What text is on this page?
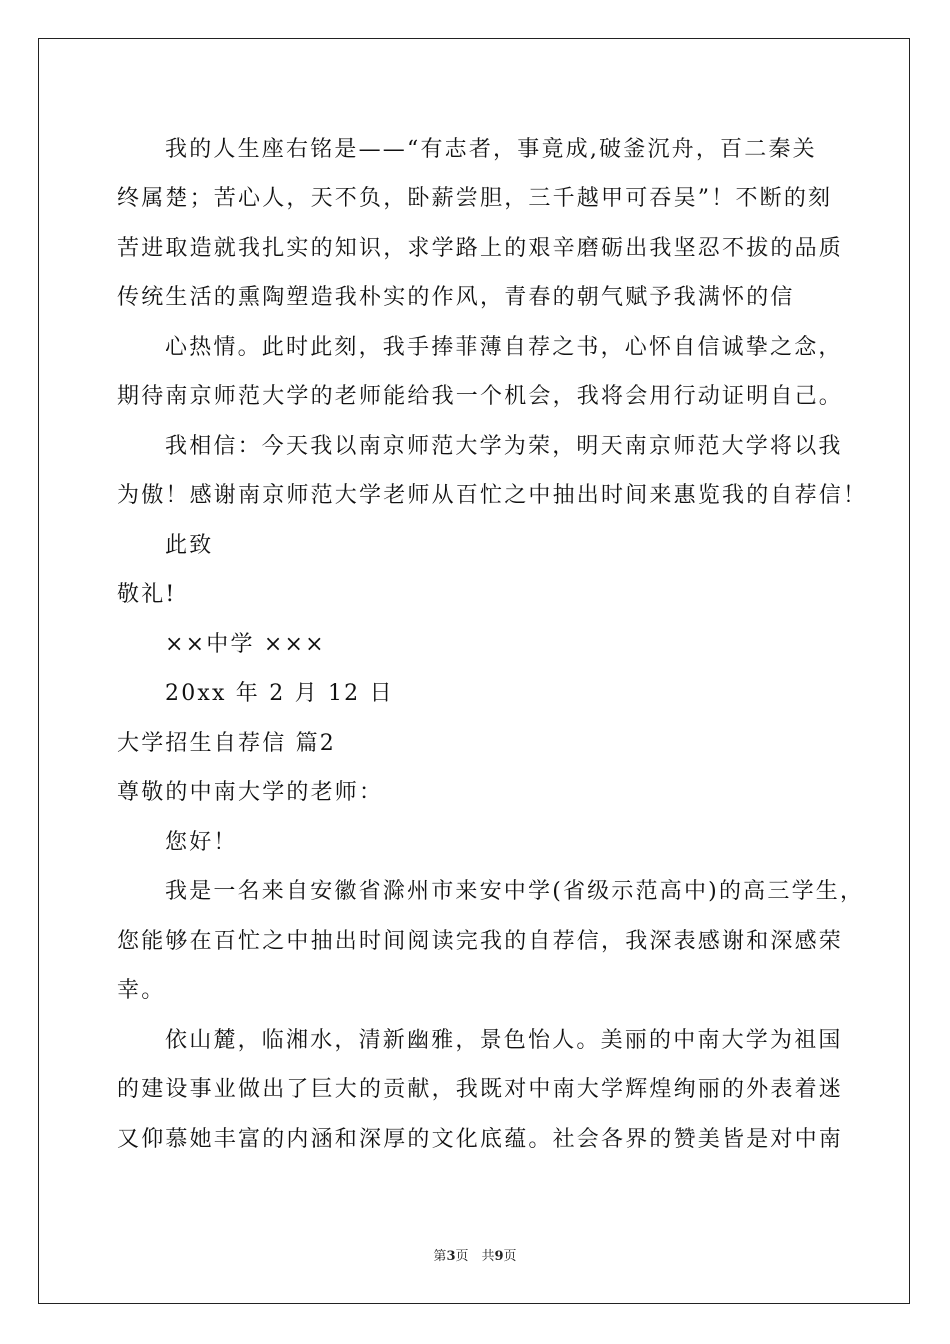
我的人生座右铭是——“有志者，事竟成,破釜沉舟，百二秦关
终属楚；苦心人，天不负，卧薪尝胆，三千越甲可吞吴”！不断的刻
苦进取造就我扎实的知识，求学路上的艰辛磨砺出我坚忍不拔的品质
传统生活的熏陶塑造我朴实的作风，青春的朝气赋予我满怀的信
心热情。此时此刻，我手捧菲薄自荐之书，心怀自信诚挚之念，
期待南京师范大学的老师能给我一个机会，我将会用行动证明自己。
我相信：今天我以南京师范大学为荣，明天南京师范大学将以我
为傲！感谢南京师范大学老师从百忙之中抽出时间来惠览我的自荐信！
此致
敬礼!
××中学 ×××
20xx 年 2 月 12 日
大学招生自荐信 篇2
尊敬的中南大学的老师：
您好！
我是一名来自安徽省滁州市来安中学(省级示范高中)的高三学生，
您能够在百忙之中抽出时间阅读完我的自荐信，我深表感谢和深感荣
幸。
依山麓，临湘水，清新幽雅，景色怡人。美丽的中南大学为祖国
的建设事业做出了巨大的贡献，我既对中南大学辉煌绚丽的外表着迷
又仰慕她丰富的内涵和深厚的文化底蕴。社会各界的赞美皆是对中南
第3页　共9页
